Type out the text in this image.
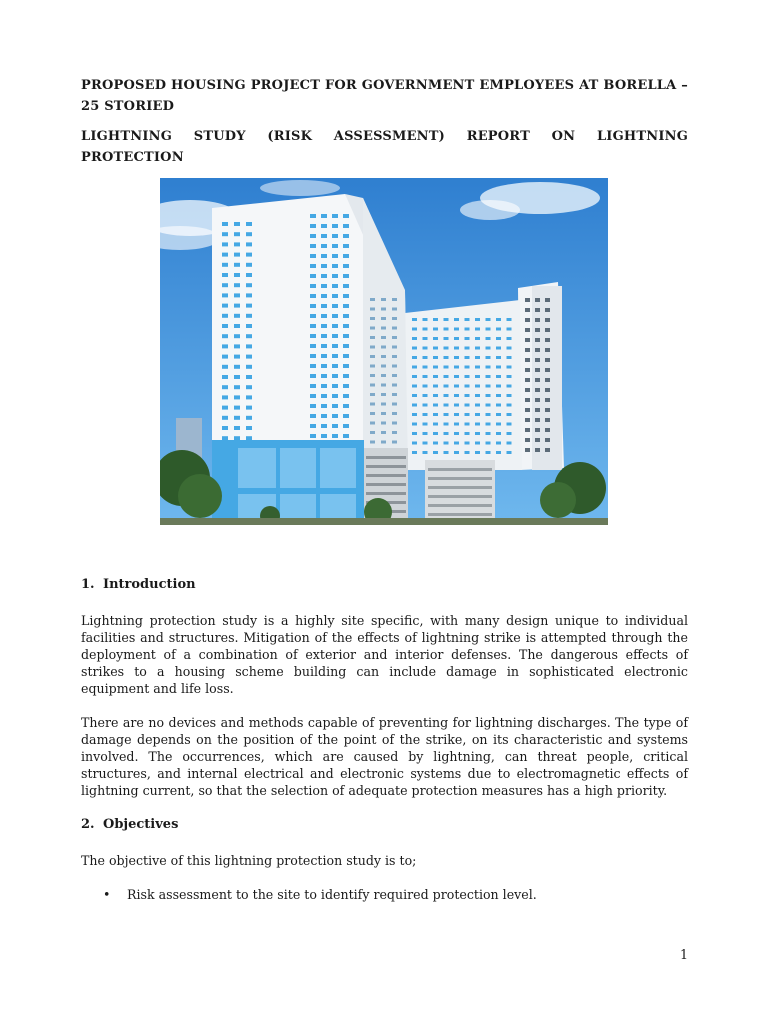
PROPOSED HOUSING PROJECT FOR GOVERNMENT EMPLOYEES AT BORELLA – 25 STORIED
LIGHTNING STUDY (RISK ASSESSMENT) REPORT ON LIGHTNING PROTECTION
1. Introduction

Lightning protection study is a highly site specific, with many design unique to individual facilities and structures. Mitigation of the effects of lightning strike is attempted through the deployment of a combination of exterior and interior defenses. The dangerous effects of strikes to a housing scheme building can include damage in sophisticated electronic equipment and life loss.

There are no devices and methods capable of preventing for lightning discharges. The type of damage depends on the position of the point of the strike, on its characteristic and systems involved. The occurrences, which are caused by lightning, can threat people, critical structures, and internal electrical and electronic systems due to electromagnetic effects of lightning current, so that the selection of adequate protection measures has a high priority.

2. Objectives

The objective of this lightning protection study is to;

• Risk assessment to the site to identify required protection level.
1
